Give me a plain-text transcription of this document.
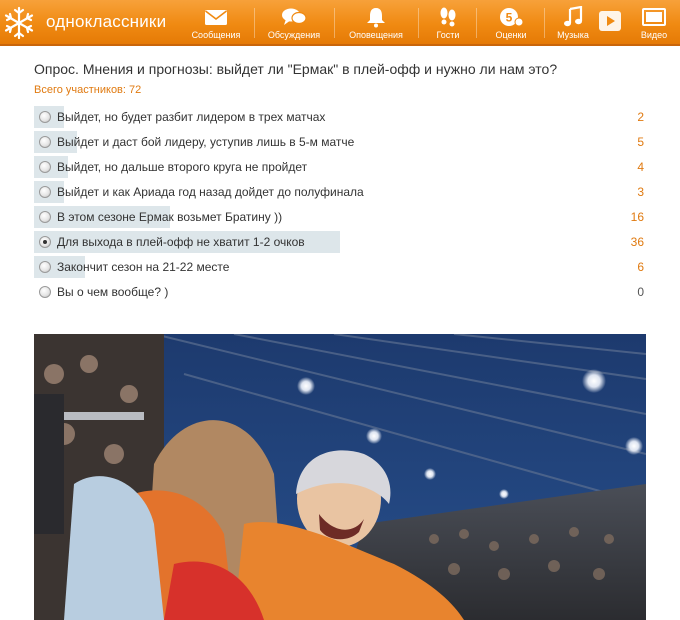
одноклассники
Сообщения	Обсуждения	Оповещения	Гости
5
Оценки	Музыка	Видео
Опрос. Мнения и прогнозы: выйдет ли "Ермак" в плей-офф и нужно ли нам это?
Всего участников: 72
Выйдет, но будет разбит лидером в трех матчах	2
Выйдет и даст бой лидеру, уступив лишь в 5-м матче	5
Выйдет, но дальше второго круга не пройдет	4
Выйдет и как Ариада год назад дойдет до полуфинала	3
В этом сезоне Ермак возьмет Братину ))	16
Для выхода в плей-офф не хватит 1-2 очков	36
Закончит сезон на 21-22 месте	6
Вы о чем вообще? )	0
